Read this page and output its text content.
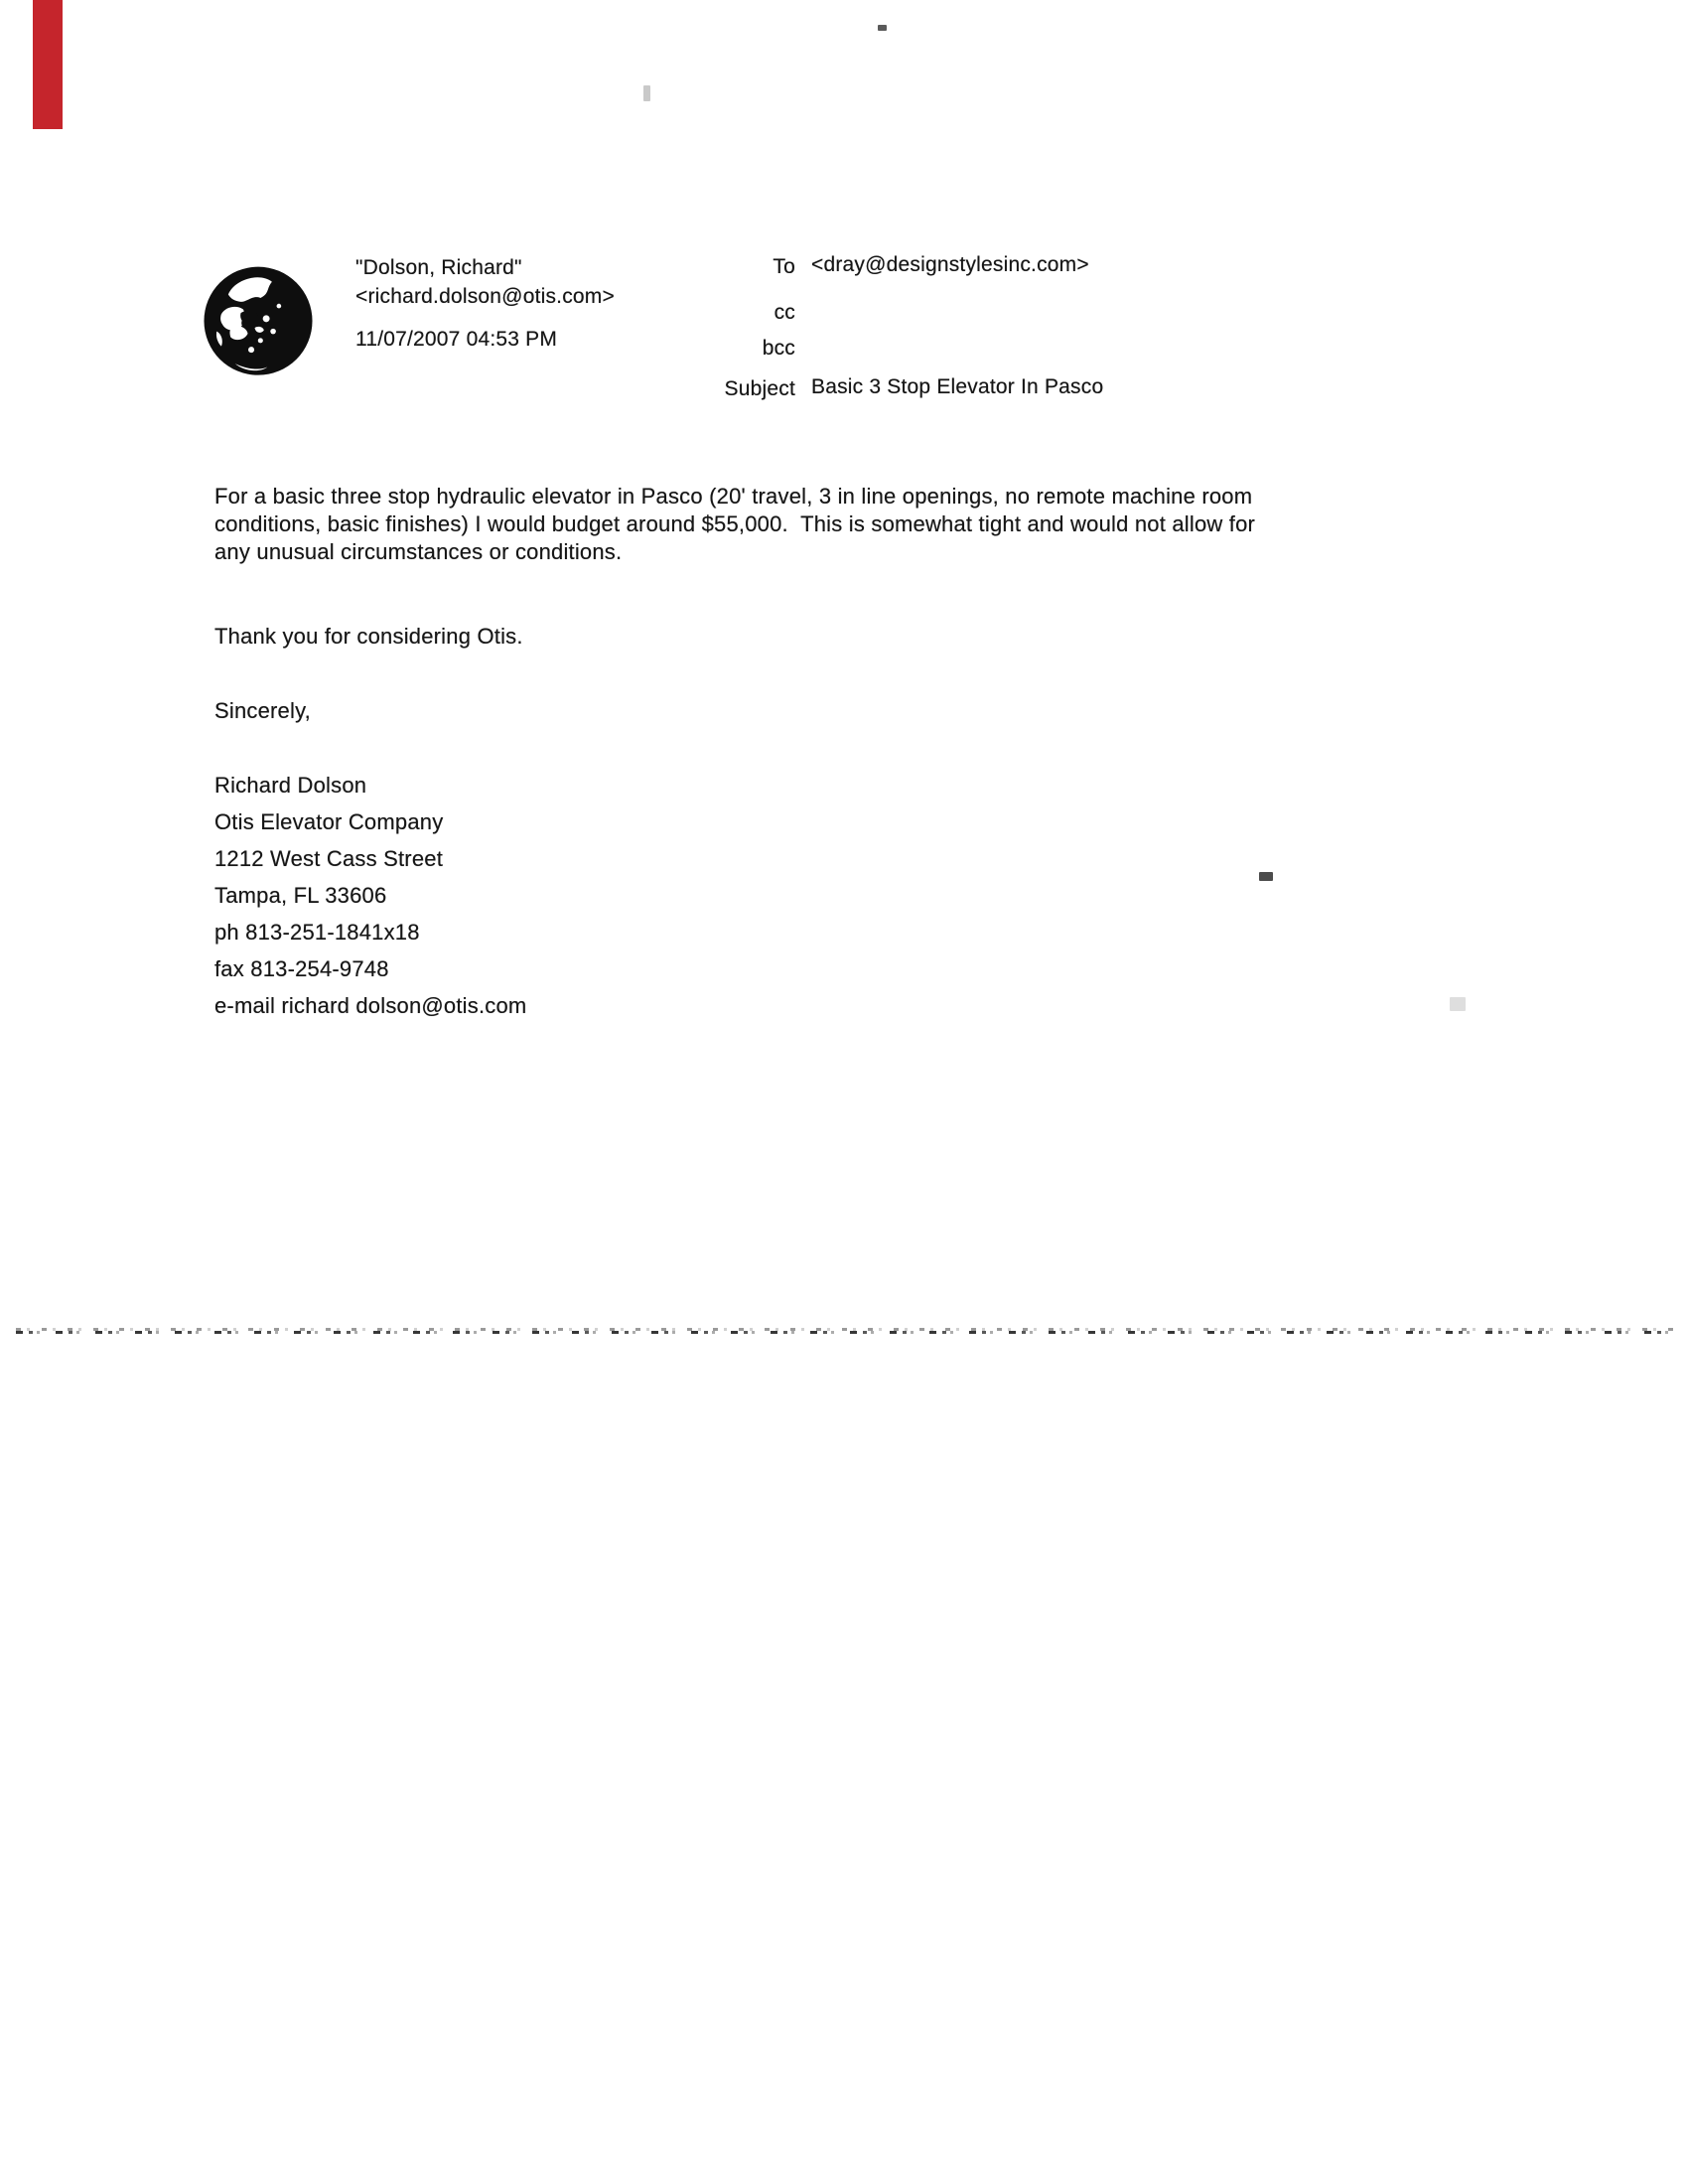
"Dolson, Richard"
<richard.dolson@otis.com>
11/07/2007 04:53 PM
To
cc
bcc
Subject
<dray@designstylesinc.com>
Basic 3 Stop Elevator In Pasco
For a basic three stop hydraulic elevator in Pasco (20' travel, 3 in line openings, no remote machine room
conditions, basic finishes) I would budget around $55,000.  This is somewhat tight and would not allow for
any unusual circumstances or conditions.
Thank you for considering Otis.
Sincerely,
Richard Dolson
Otis Elevator Company
1212 West Cass Street
Tampa, FL 33606
ph 813-251-1841x18
fax 813-254-9748
e-mail richard dolson@otis.com
